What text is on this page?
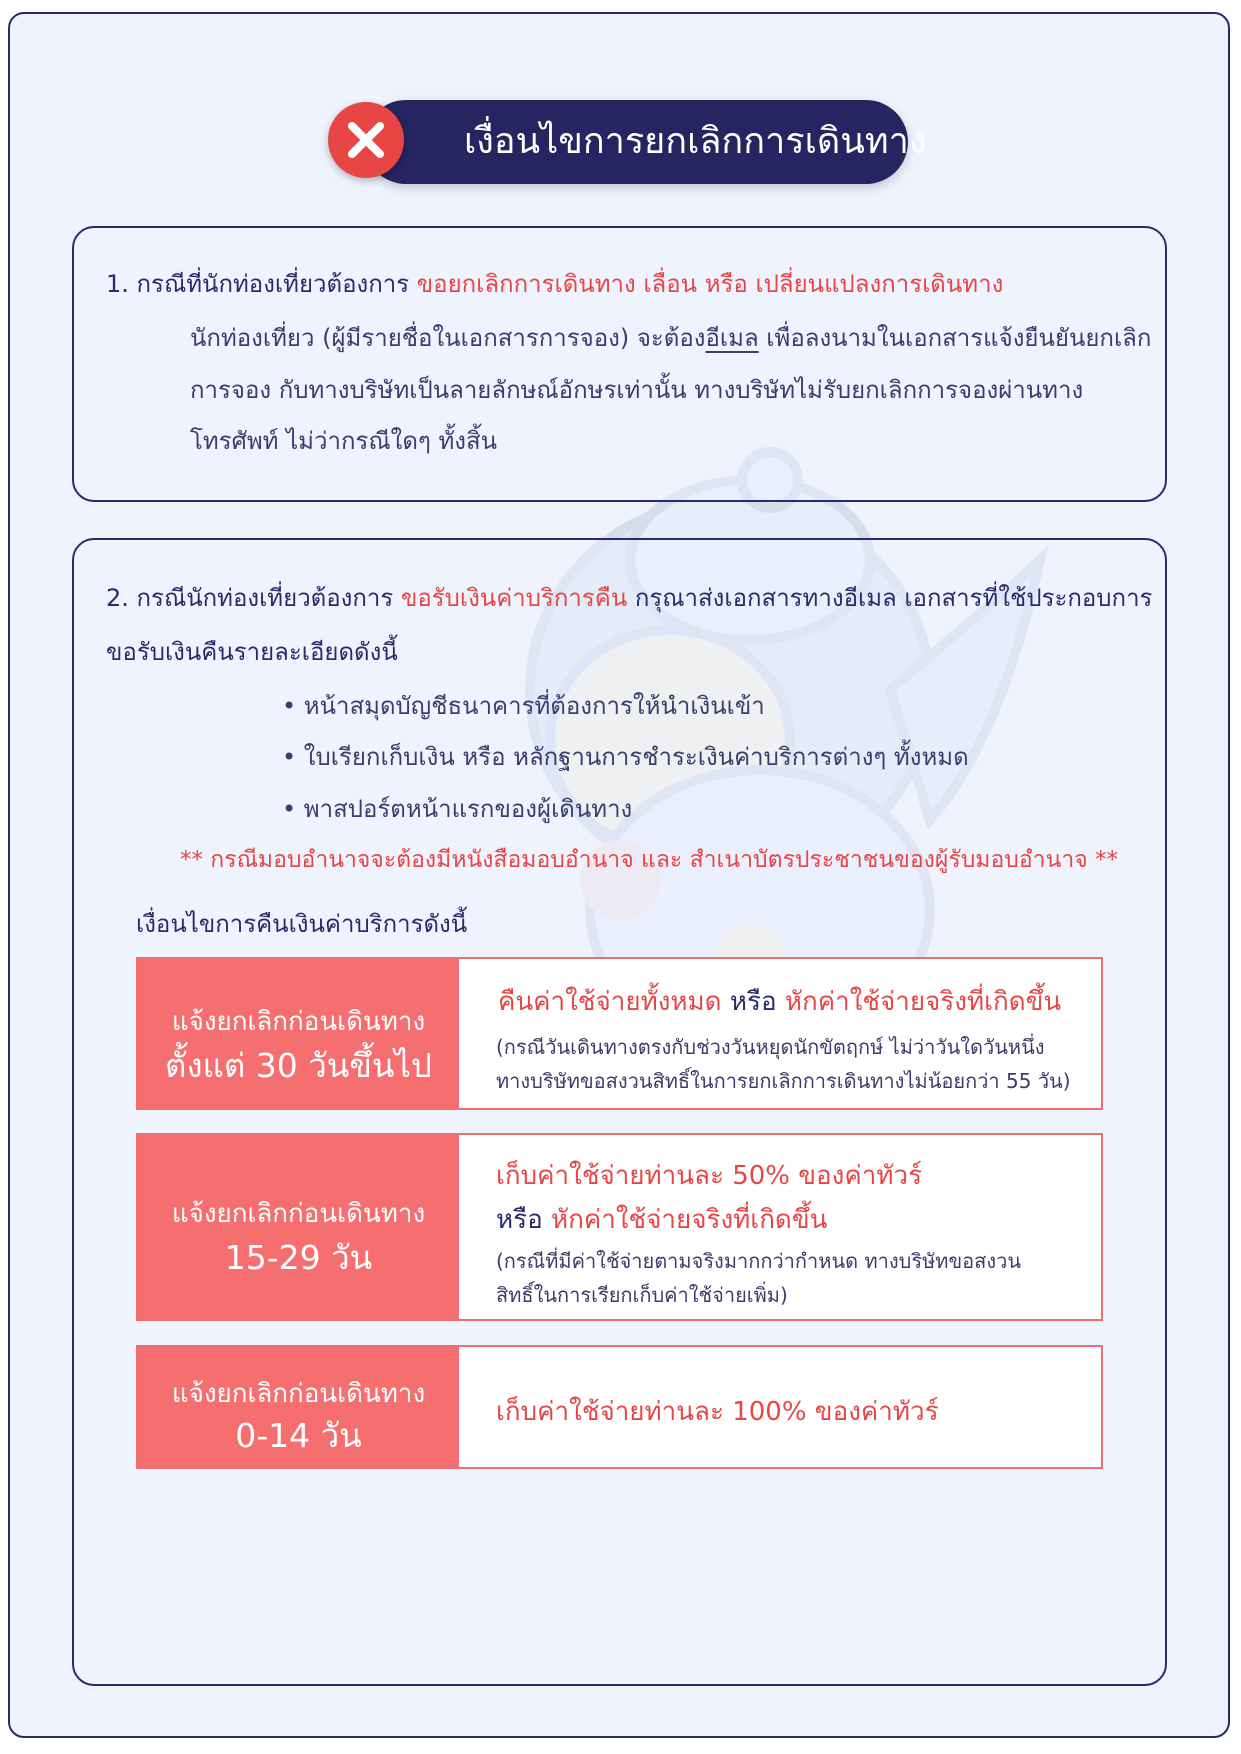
เงื่อนไขการยกเลิกการเดินทาง
1. กรณีที่นักท่องเที่ยวต้องการ ขอยกเลิกการเดินทาง เลื่อน หรือ เปลี่ยนแปลงการเดินทาง
นักท่องเที่ยว (ผู้มีรายชื่อในเอกสารการจอง) จะต้องอีเมล เพื่อลงนามในเอกสารแจ้งยืนยันยกเลิก
การจอง กับทางบริษัทเป็นลายลักษณ์อักษรเท่านั้น ทางบริษัทไม่รับยกเลิกการจองผ่านทาง
โทรศัพท์ ไม่ว่ากรณีใดๆ ทั้งสิ้น
2. กรณีนักท่องเที่ยวต้องการ ขอรับเงินค่าบริการคืน กรุณาส่งเอกสารทางอีเมล เอกสารที่ใช้ประกอบการ
ขอรับเงินคืนรายละเอียดดังนี้
• หน้าสมุดบัญชีธนาคารที่ต้องการให้นำเงินเข้า
• ใบเรียกเก็บเงิน หรือ หลักฐานการชำระเงินค่าบริการต่างๆ ทั้งหมด
• พาสปอร์ตหน้าแรกของผู้เดินทาง
** กรณีมอบอำนาจจะต้องมีหนังสือมอบอำนาจ และ สำเนาบัตรประชาชนของผู้รับมอบอำนาจ **
เงื่อนไขการคืนเงินค่าบริการดังนี้
แจ้งยกเลิกก่อนเดินทาง
ตั้งแต่ 30 วันขึ้นไป
คืนค่าใช้จ่ายทั้งหมด หรือ หักค่าใช้จ่ายจริงที่เกิดขึ้น
(กรณีวันเดินทางตรงกับช่วงวันหยุดนักขัตฤกษ์ ไม่ว่าวันใดวันหนึ่ง
ทางบริษัทขอสงวนสิทธิ์ในการยกเลิกการเดินทางไม่น้อยกว่า 55 วัน)
แจ้งยกเลิกก่อนเดินทาง
15-29 วัน
เก็บค่าใช้จ่ายท่านละ 50% ของค่าทัวร์
หรือ หักค่าใช้จ่ายจริงที่เกิดขึ้น
(กรณีที่มีค่าใช้จ่ายตามจริงมากกว่ากำหนด ทางบริษัทขอสงวน
สิทธิ์ในการเรียกเก็บค่าใช้จ่ายเพิ่ม)
แจ้งยกเลิกก่อนเดินทาง
0-14 วัน
เก็บค่าใช้จ่ายท่านละ 100% ของค่าทัวร์
